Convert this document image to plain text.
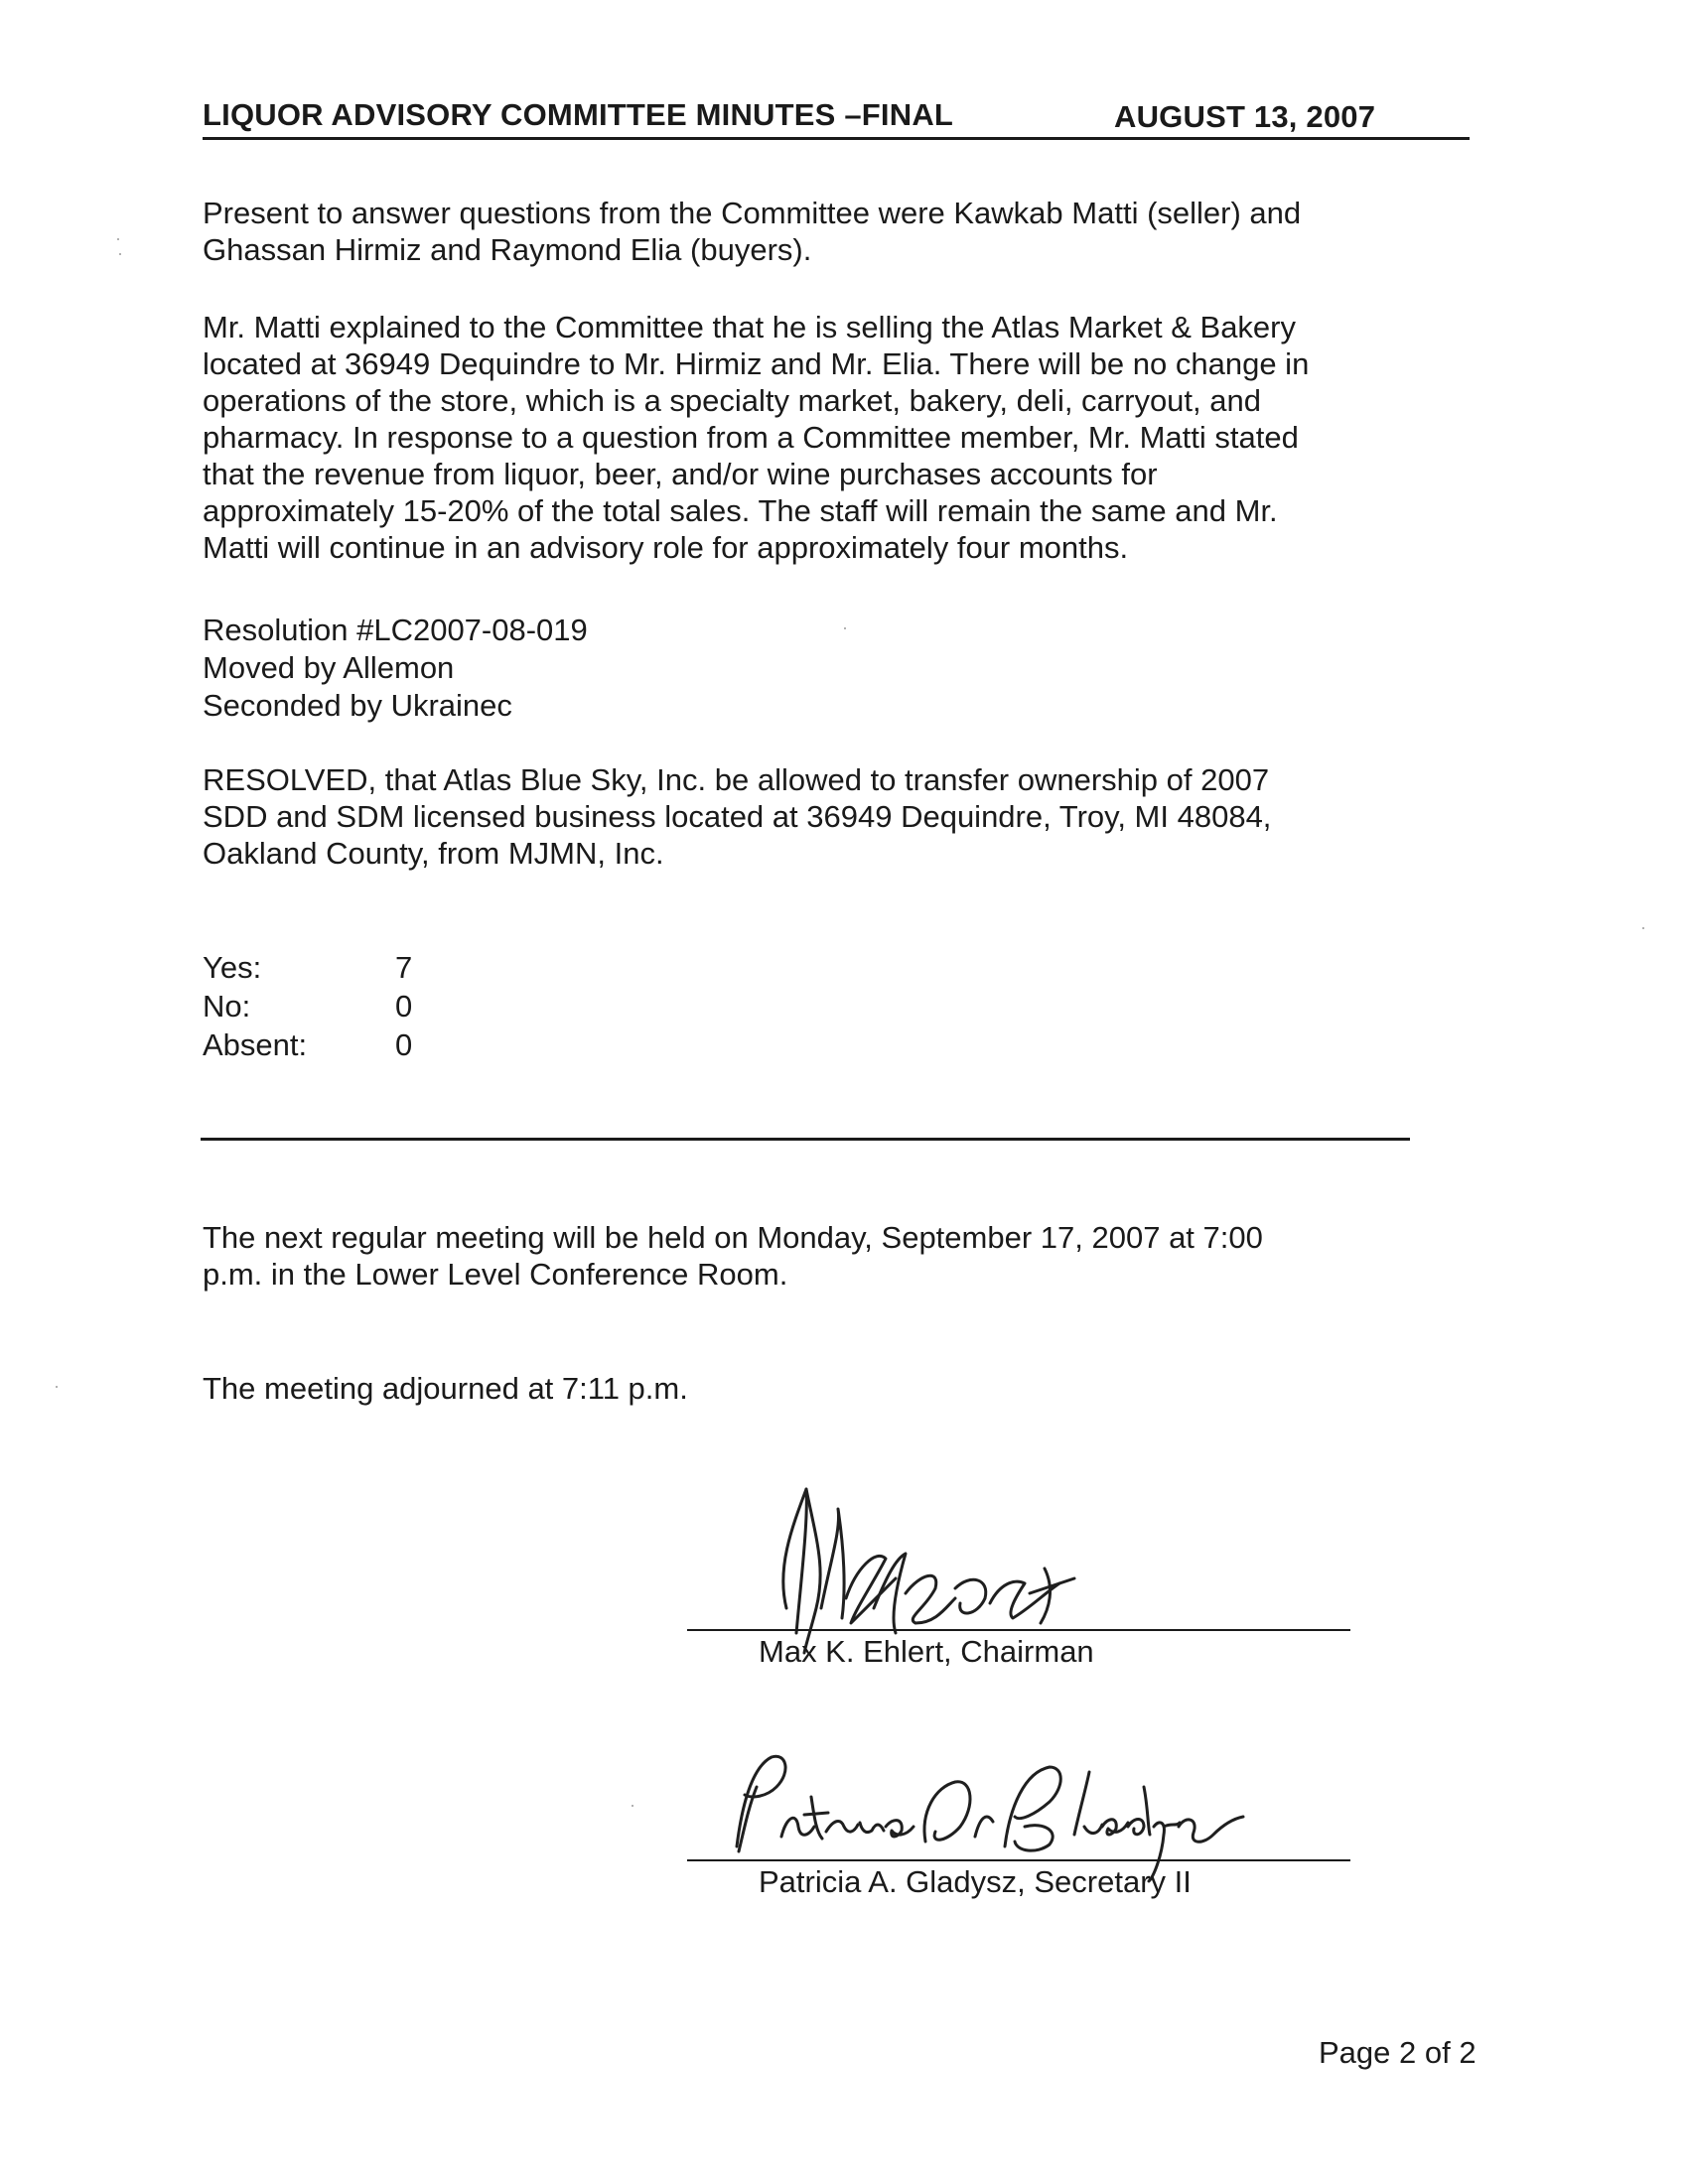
LIQUOR ADVISORY COMMITTEE MINUTES –FINAL	AUGUST 13, 2007

Present to answer questions from the Committee were Kawkab Matti (seller) and
Ghassan Hirmiz and Raymond Elia (buyers).

Mr. Matti explained to the Committee that he is selling the Atlas Market & Bakery
located at 36949 Dequindre to Mr. Hirmiz and Mr. Elia. There will be no change in
operations of the store, which is a specialty market, bakery, deli, carryout, and
pharmacy. In response to a question from a Committee member, Mr. Matti stated
that the revenue from liquor, beer, and/or wine purchases accounts for
approximately 15-20% of the total sales. The staff will remain the same and Mr.
Matti will continue in an advisory role for approximately four months.

Resolution #LC2007-08-019
Moved by Allemon
Seconded by Ukrainec

RESOLVED, that Atlas Blue Sky, Inc. be allowed to transfer ownership of 2007
SDD and SDM licensed business located at 36949 Dequindre, Troy, MI 48084,
Oakland County, from MJMN, Inc.

Yes:	7
No:	0
Absent:	0

The next regular meeting will be held on Monday, September 17, 2007 at 7:00
p.m. in the Lower Level Conference Room.

The meeting adjourned at 7:11 p.m.

Max K. Ehlert, Chairman
Patricia A. Gladysz, Secretary II
Page 2 of 2
